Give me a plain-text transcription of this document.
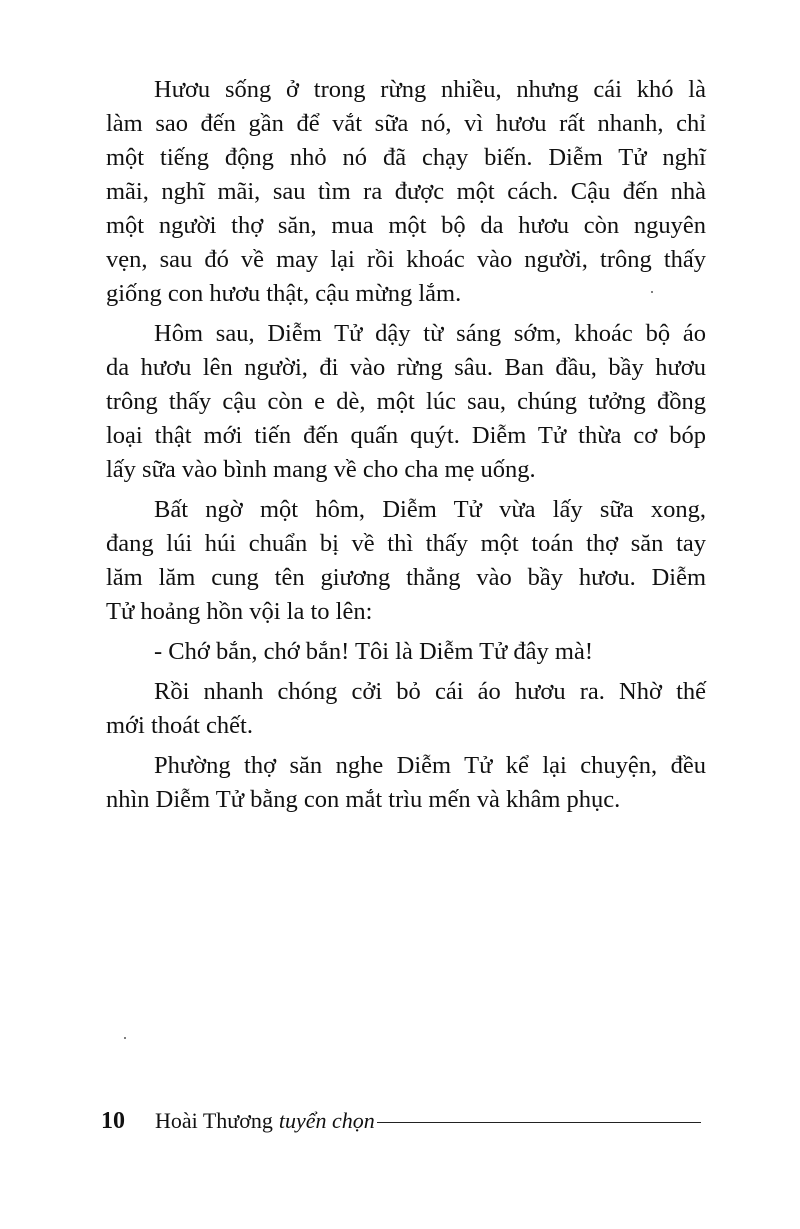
Hươu sống ở trong rừng nhiều, nhưng cái khó là
làm sao đến gần để vắt sữa nó, vì hươu rất nhanh, chỉ
một tiếng động nhỏ nó đã chạy biến. Diễm Tử nghĩ
mãi, nghĩ mãi, sau tìm ra được một cách. Cậu đến nhà
một người thợ săn, mua một bộ da hươu còn nguyên
vẹn, sau đó về may lại rồi khoác vào người, trông thấy
giống con hươu thật, cậu mừng lắm.

Hôm sau, Diễm Tử dậy từ sáng sớm, khoác bộ áo
da hươu lên người, đi vào rừng sâu. Ban đầu, bầy hươu
trông thấy cậu còn e dè, một lúc sau, chúng tưởng đồng
loại thật mới tiến đến quấn quýt. Diễm Tử thừa cơ bóp
lấy sữa vào bình mang về cho cha mẹ uống.

Bất ngờ một hôm, Diễm Tử vừa lấy sữa xong,
đang lúi húi chuẩn bị về thì thấy một toán thợ săn tay
lăm lăm cung tên giương thẳng vào bầy hươu. Diễm
Tử hoảng hồn vội la to lên:

- Chớ bắn, chớ bắn! Tôi là Diễm Tử đây mà!

Rồi nhanh chóng cởi bỏ cái áo hươu ra. Nhờ thế
mới thoát chết.

Phường thợ săn nghe Diễm Tử kể lại chuyện, đều
nhìn Diễm Tử bằng con mắt trìu mến và khâm phục.

10 Hoài Thương tuyển chọn
